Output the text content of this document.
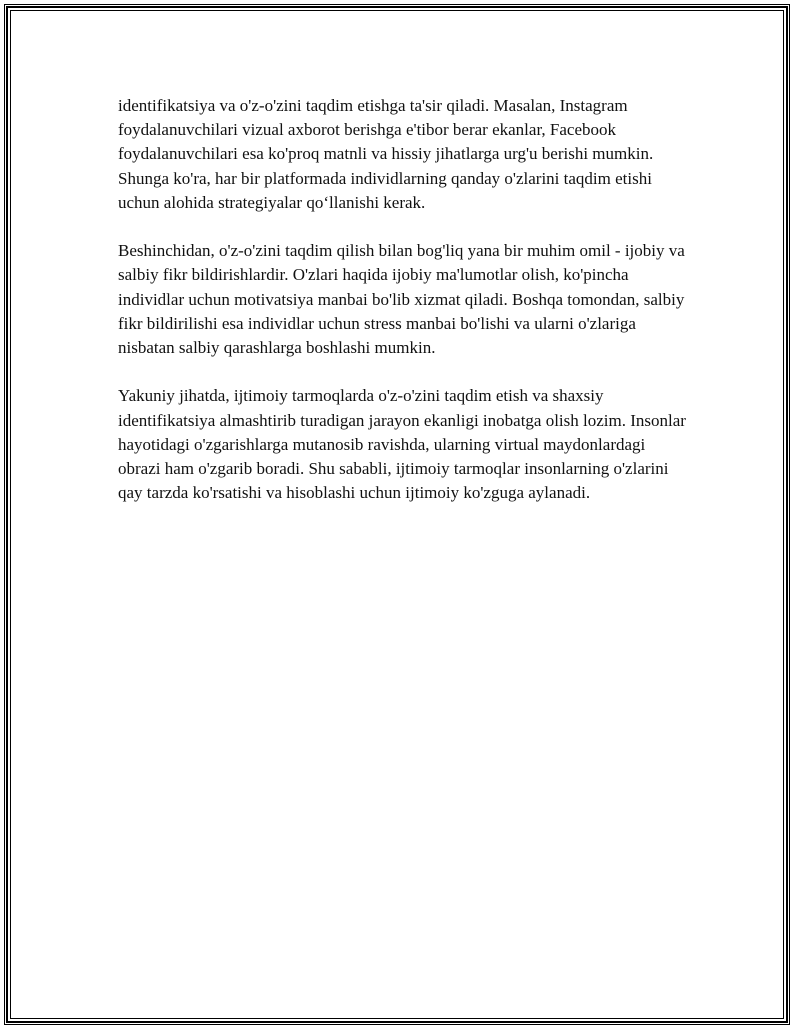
identifikatsiya va o'z-o'zini taqdim etishga ta'sir qiladi. Masalan, Instagram foydalanuvchilari vizual axborot berishga e'tibor berar ekanlar, Facebook foydalanuvchilari esa ko'proq matnli va hissiy jihatlarga urg'u berishi mumkin. Shunga ko'ra, har bir platformada individlarning qanday o'zlarini taqdim etishi uchun alohida strategiyalar qo‘llanishi kerak.

Beshinchidan, o'z-o'zini taqdim qilish bilan bog'liq yana bir muhim omil - ijobiy va salbiy fikr bildirishlardir. O'zlari haqida ijobiy ma'lumotlar olish, ko'pincha individlar uchun motivatsiya manbai bo'lib xizmat qiladi. Boshqa tomondan, salbiy fikr bildirilishi esa individlar uchun stress manbai bo'lishi va ularni o'zlariga nisbatan salbiy qarashlarga boshlashi mumkin.

Yakuniy jihatda, ijtimoiy tarmoqlarda o'z-o'zini taqdim etish va shaxsiy identifikatsiya almashtirib turadigan jarayon ekanligi inobatga olish lozim. Insonlar hayotidagi o'zgarishlarga mutanosib ravishda, ularning virtual maydonlardagi obrazi ham o'zgarib boradi. Shu sababli, ijtimoiy tarmoqlar insonlarning o'zlarini qay tarzda ko'rsatishi va hisoblashi uchun ijtimoiy ko'zguga aylanadi.
